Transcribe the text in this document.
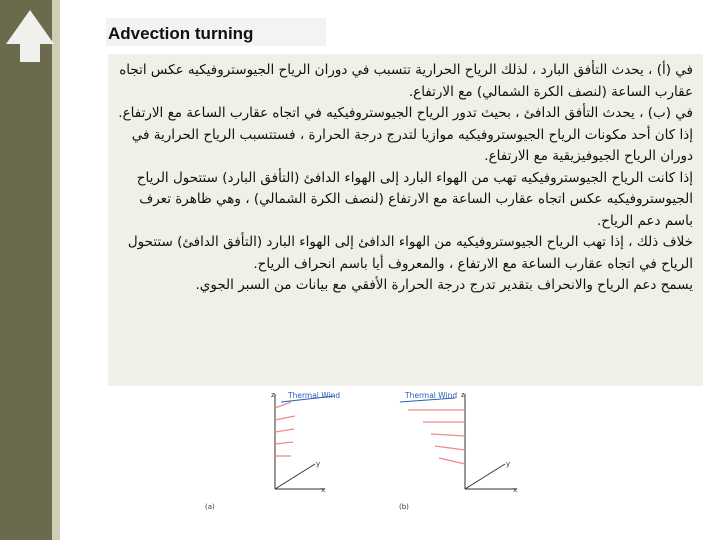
Advection turning

في (أ) ، يحدث التأفق البارد ، لذلك الرياح الحرارية تتسبب في دوران الرياح الجيوستروفيكيه عكس اتجاه عقارب الساعة (لنصف الكرة الشمالي) مع الارتفاع.

في (ب) ، يحدث التأفق الدافئ ، بحيث تدور الرياح الجيوستروفيكيه في اتجاه عقارب الساعة مع الارتفاع.

إذا كان أحد مكونات الرياح الجيوستروفيكيه موازيا لتدرج درجة الحرارة ، فستتسبب الرياح الحرارية في دوران الرياح الجيوفيزيقية مع الارتفاع.

إذا كانت الرياح الجيوستروفيكيه تهب من الهواء البارد إلى الهواء الدافئ (التأفق البارد) ستتحول الرياح الجيوستروفيكيه عكس اتجاه عقارب الساعة مع الارتفاع (لنصف الكرة الشمالي) ، وهي ظاهرة تعرف باسم دعم الرياح.

خلاف ذلك ، إذا تهب الرياح الجيوستروفيكيه من الهواء الدافئ إلى الهواء البارد (التأفق الدافئ) ستتحول الرياح في اتجاه عقارب الساعة مع الارتفاع ، والمعروف أيا باسم انحراف الرياح.

يسمح دعم الرياح والانحراف بتقدير تدرج درجة الحرارة الأفقي مع بيانات من السبر الجوي.

z
y
x
Thermal Wind
(a)
z
y
x
Thermal Wind
(b)
